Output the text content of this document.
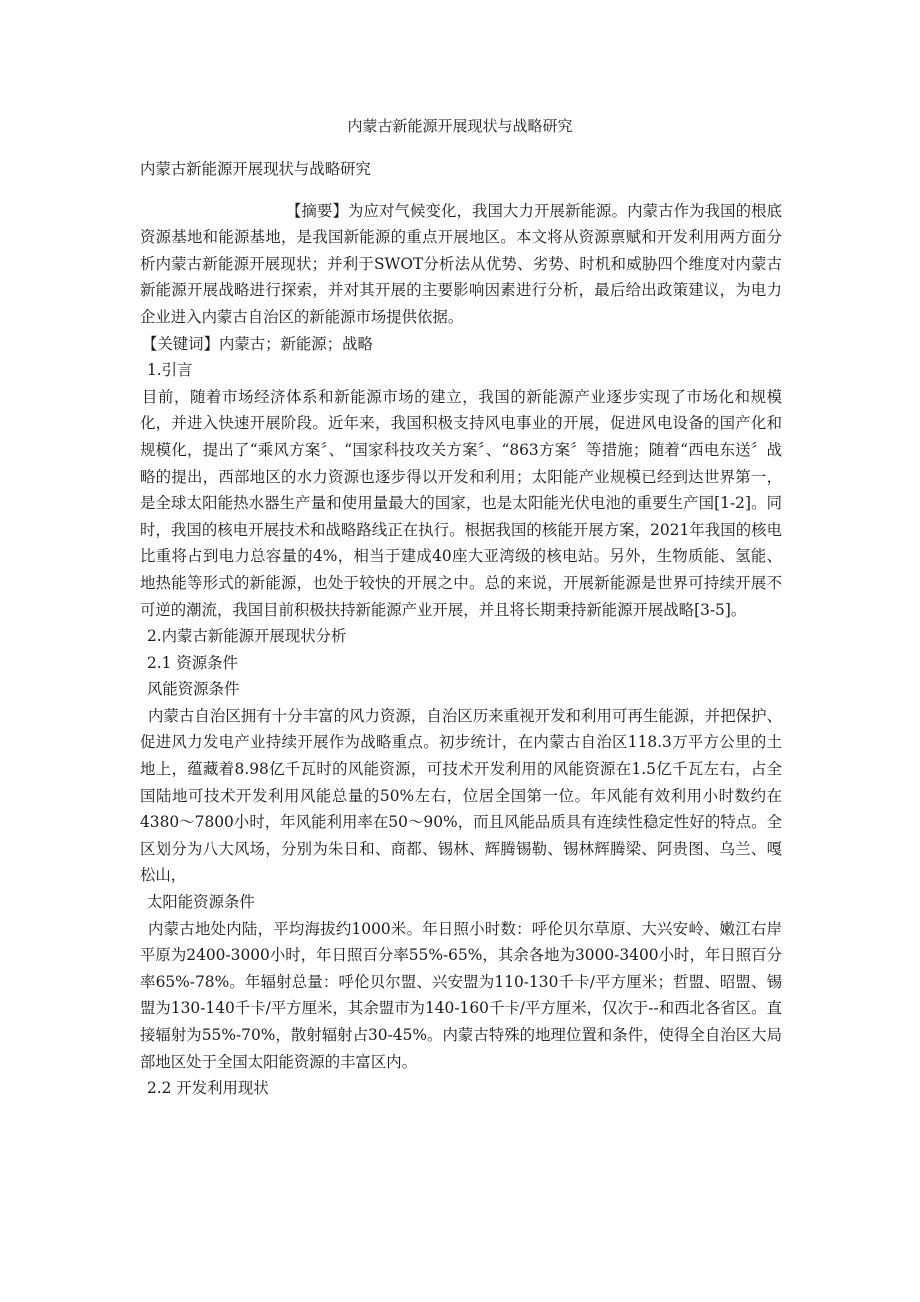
内蒙古新能源开展现状与战略研究

内蒙古新能源开展现状与战略研究

【摘要】为应对气候变化，我国大力开展新能源。内蒙古作为我国的根底资源基地和能源基地，是我国新能源的重点开展地区。本文将从资源禀赋和开发利用两方面分析内蒙古新能源开展现状；并利于SWOT分析法从优势、劣势、时机和威胁四个维度对内蒙古新能源开展战略进行探索，并对其开展的主要影响因素进行分析，最后给出政策建议，为电力企业进入内蒙古自治区的新能源市场提供依据。

【关键词】内蒙古；新能源；战略

1.引言

目前，随着市场经济体系和新能源市场的建立，我国的新能源产业逐步实现了市场化和规模化，并进入快速开展阶段。近年来，我国积极支持风电事业的开展，促进风电设备的国产化和规模化，提出了“乘风方案〞、“国家科技攻关方案〞、“863方案〞等措施；随着“西电东送〞战略的提出，西部地区的水力资源也逐步得以开发和利用；太阳能产业规模已经到达世界第一，是全球太阳能热水器生产量和使用量最大的国家，也是太阳能光伏电池的重要生产国[1-2]。同时，我国的核电开展技术和战略路线正在执行。根据我国的核能开展方案，2021年我国的核电比重将占到电力总容量的4%，相当于建成40座大亚湾级的核电站。另外，生物质能、氢能、地热能等形式的新能源，也处于较快的开展之中。总的来说，开展新能源是世界可持续开展不可逆的潮流，我国目前积极扶持新能源产业开展，并且将长期秉持新能源开展战略[3-5]。

2.内蒙古新能源开展现状分析

2.1 资源条件

风能资源条件

内蒙古自治区拥有十分丰富的风力资源，自治区历来重视开发和利用可再生能源，并把保护、促进风力发电产业持续开展作为战略重点。初步统计，在内蒙古自治区118.3万平方公里的土地上，蕴藏着8.98亿千瓦时的风能资源，可技术开发利用的风能资源在1.5亿千瓦左右，占全国陆地可技术开发利用风能总量的50%左右，位居全国第一位。年风能有效利用小时数约在4380～7800小时，年风能利用率在50～90%，而且风能品质具有连续性稳定性好的特点。全区划分为八大风场，分别为朱日和、商都、锡林、辉腾锡勒、锡林辉腾梁、阿贵图、乌兰、嘎松山，

太阳能资源条件

内蒙古地处内陆，平均海拔约1000米。年日照小时数：呼伦贝尔草原、大兴安岭、嫩江右岸平原为2400-3000小时，年日照百分率55%-65%，其余各地为3000-3400小时，年日照百分率65%-78%。年辐射总量：呼伦贝尔盟、兴安盟为110-130千卡/平方厘米；哲盟、昭盟、锡盟为130-140千卡/平方厘米，其余盟市为140-160千卡/平方厘米，仅次于--和西北各省区。直接辐射为55%-70%，散射辐射占30-45%。内蒙古特殊的地理位置和条件，使得全自治区大局部地区处于全国太阳能资源的丰富区内。

2.2 开发利用现状
